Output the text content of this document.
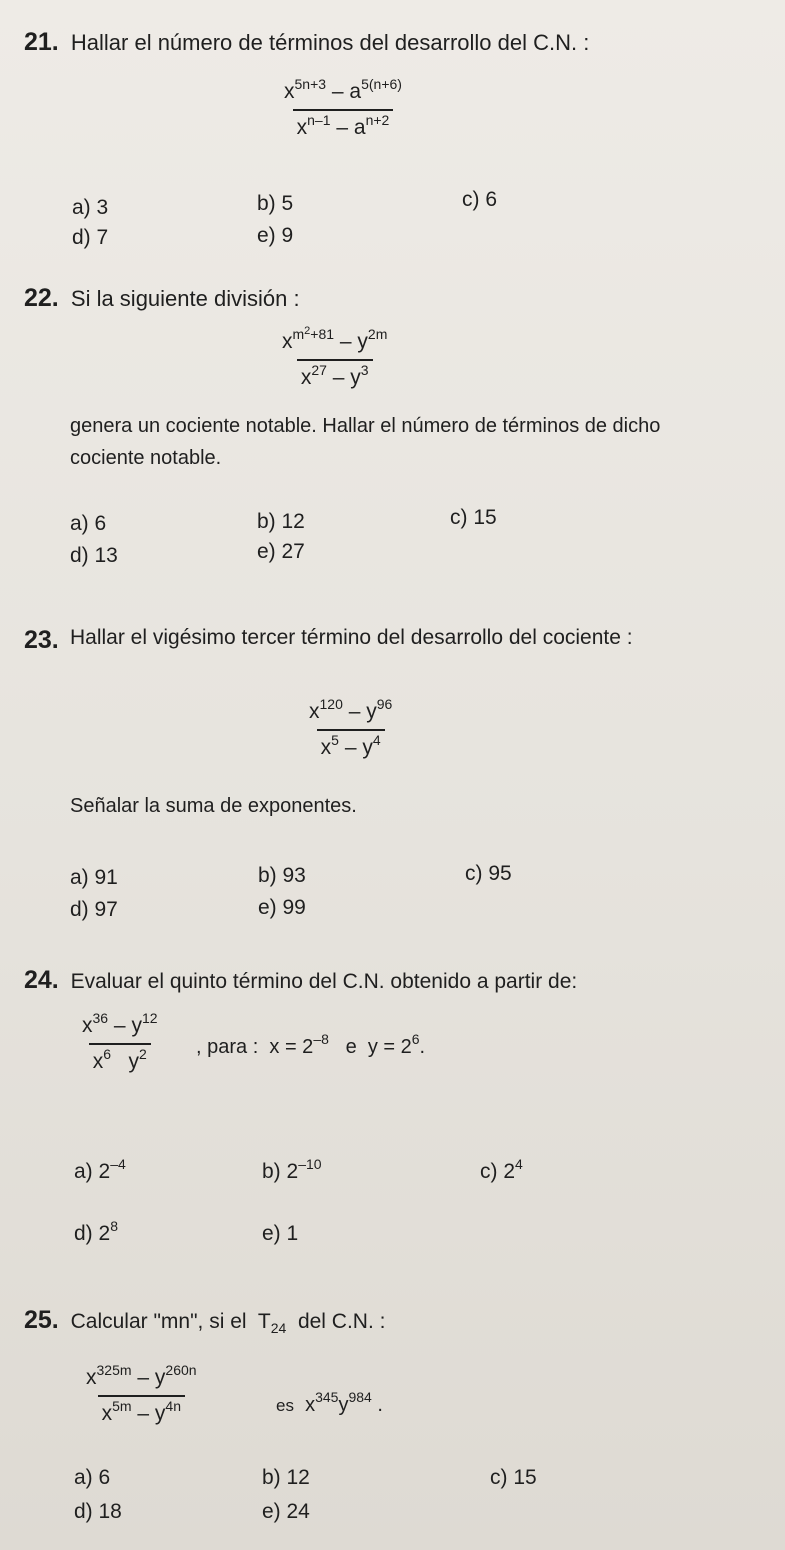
21. Hallar el número de términos del desarrollo del C.N. :
$\frac{x^{5n+3} - a^{5(n+6)}}{x^{n-1} - a^{n+2}}$
a) 3	b) 5	c) 6
d) 7	e) 9
22. Si la siguiente división :
$\frac{x^{m^2+81} - y^{2m}}{x^{27} - y^3}$
genera un cociente notable. Hallar el número de términos de dicho cociente notable.
a) 6	b) 12	c) 15
d) 13	e) 27
23. Hallar el vigésimo tercer término del desarrollo del cociente :
$\frac{x^{120} - y^{96}}{x^5 - y^4}$
Señalar la suma de exponentes.
a) 91	b) 93	c) 95
d) 97	e) 99
24. Evaluar el quinto término del C.N. obtenido a partir de:
$\frac{x^{36} - y^{12}}{x^6 y^2}$ , para : $x = 2^{-8}$ e $y = 2^6$.
a) $2^{-4}$	b) $2^{-10}$	c) $2^4$
d) $2^8$	e) 1
25. Calcular "mn", si el $T_{24}$ del C.N. :
$\frac{x^{325m} - y^{260n}}{x^{5m} - y^{4n}}$	es $x^{345}y^{984}$ .
a) 6	b) 12	c) 15
d) 18	e) 24
